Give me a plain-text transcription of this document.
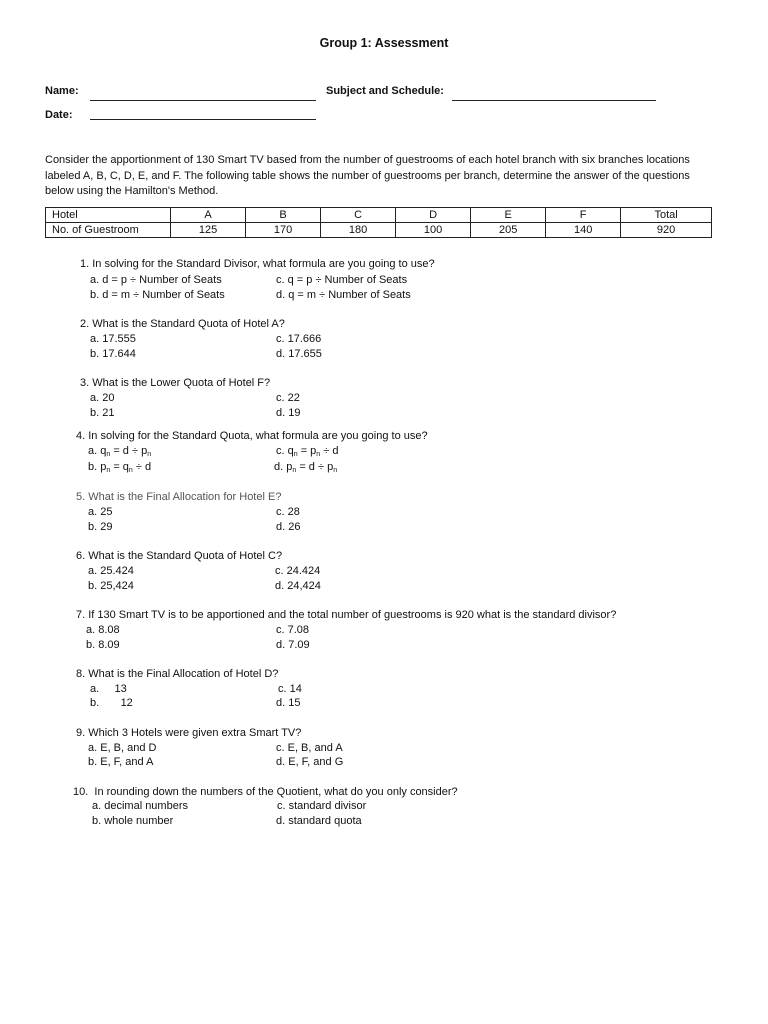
Group 1: Assessment
Name:	Subject and Schedule:
Date:
Consider the apportionment of 130 Smart TV based from the number of guestrooms of each hotel branch with six branches locations labeled A, B, C, D, E, and F. The following table shows the number of guestrooms per branch, determine the answer of the questions below using the Hamilton's Method.
Hotel	A	B	C	D	E	F	Total
No. of Guestroom	125	170	180	100	205	140	920
1. In solving for the Standard Divisor, what formula are you going to use?
a. d = p ÷ Number of Seats	c. q = p ÷ Number of Seats
b. d = m ÷ Number of Seats	d. q = m ÷ Number of Seats
2. What is the Standard Quota of Hotel A?
a. 17.555	c. 17.666
b. 17.644	d. 17.655
3. What is the Lower Quota of Hotel F?
a. 20	c. 22
b. 21	d. 19
4. In solving for the Standard Quota, what formula are you going to use?
a. $q_n = d \div p_n$	c. $q_n = p_n \div d$
b. $p_n = q_n \div d$	d. $p_n = d \div p_n$
5. What is the Final Allocation for Hotel E?
a. 25	c. 28
b. 29	d. 26
6. What is the Standard Quota of Hotel C?
a. 25.424	c. 24.424
b. 25,424	d. 24,424
7. If 130 Smart TV is to be apportioned and the total number of guestrooms is 920 what is the standard divisor?
a. 8.08	c. 7.08
b. 8.09	d. 7.09
8. What is the Final Allocation of Hotel D?
a.     13	c. 14
b.       12	d. 15
9. Which 3 Hotels were given extra Smart TV?
a. E, B, and D	c. E, B, and A
b. E, F, and A	d. E, F, and G
10.  In rounding down the numbers of the Quotient, what do you only consider?
a. decimal numbers	c. standard divisor
b. whole number	d. standard quota
